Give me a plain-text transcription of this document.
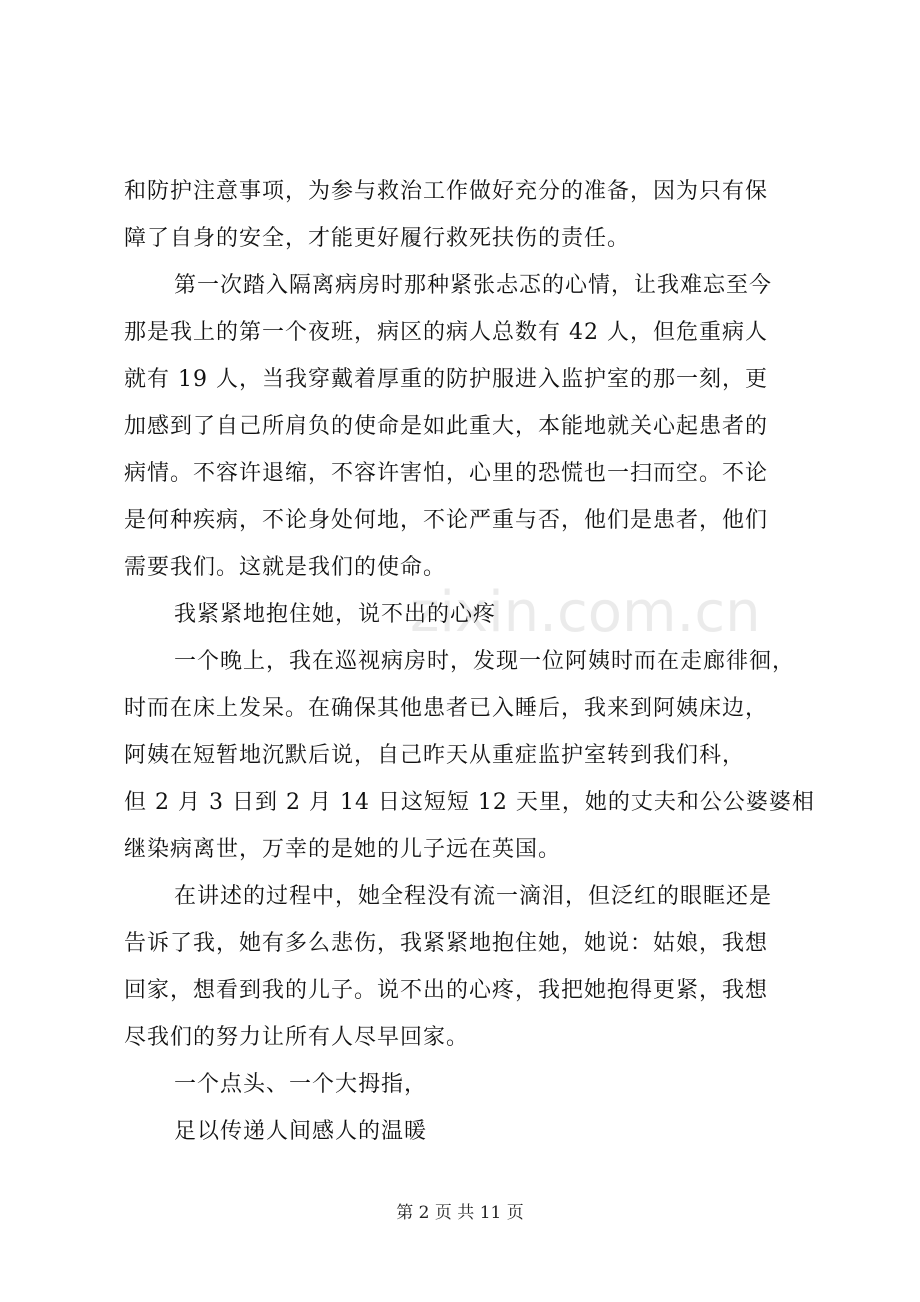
和防护注意事项，为参与救治工作做好充分的准备，因为只有保
障了自身的安全，才能更好履行救死扶伤的责任。
第一次踏入隔离病房时那种紧张忐忑的心情，让我难忘至今
那是我上的第一个夜班，病区的病人总数有 42 人，但危重病人
就有 19 人，当我穿戴着厚重的防护服进入监护室的那一刻，更
加感到了自己所肩负的使命是如此重大，本能地就关心起患者的
病情。不容许退缩，不容许害怕，心里的恐慌也一扫而空。不论
是何种疾病，不论身处何地，不论严重与否，他们是患者，他们
需要我们。这就是我们的使命。
我紧紧地抱住她，说不出的心疼
一个晚上，我在巡视病房时，发现一位阿姨时而在走廊徘徊，
时而在床上发呆。在确保其他患者已入睡后，我来到阿姨床边，
阿姨在短暂地沉默后说，自己昨天从重症监护室转到我们科，
但 2 月 3 日到 2 月 14 日这短短 12 天里，她的丈夫和公公婆婆相
继染病离世，万幸的是她的儿子远在英国。
在讲述的过程中，她全程没有流一滴泪，但泛红的眼眶还是
告诉了我，她有多么悲伤，我紧紧地抱住她，她说：姑娘，我想
回家，想看到我的儿子。说不出的心疼，我把她抱得更紧，我想
尽我们的努力让所有人尽早回家。
一个点头、一个大拇指，
足以传递人间感人的温暖
zixin.com.cn
第 2 页 共 11 页
